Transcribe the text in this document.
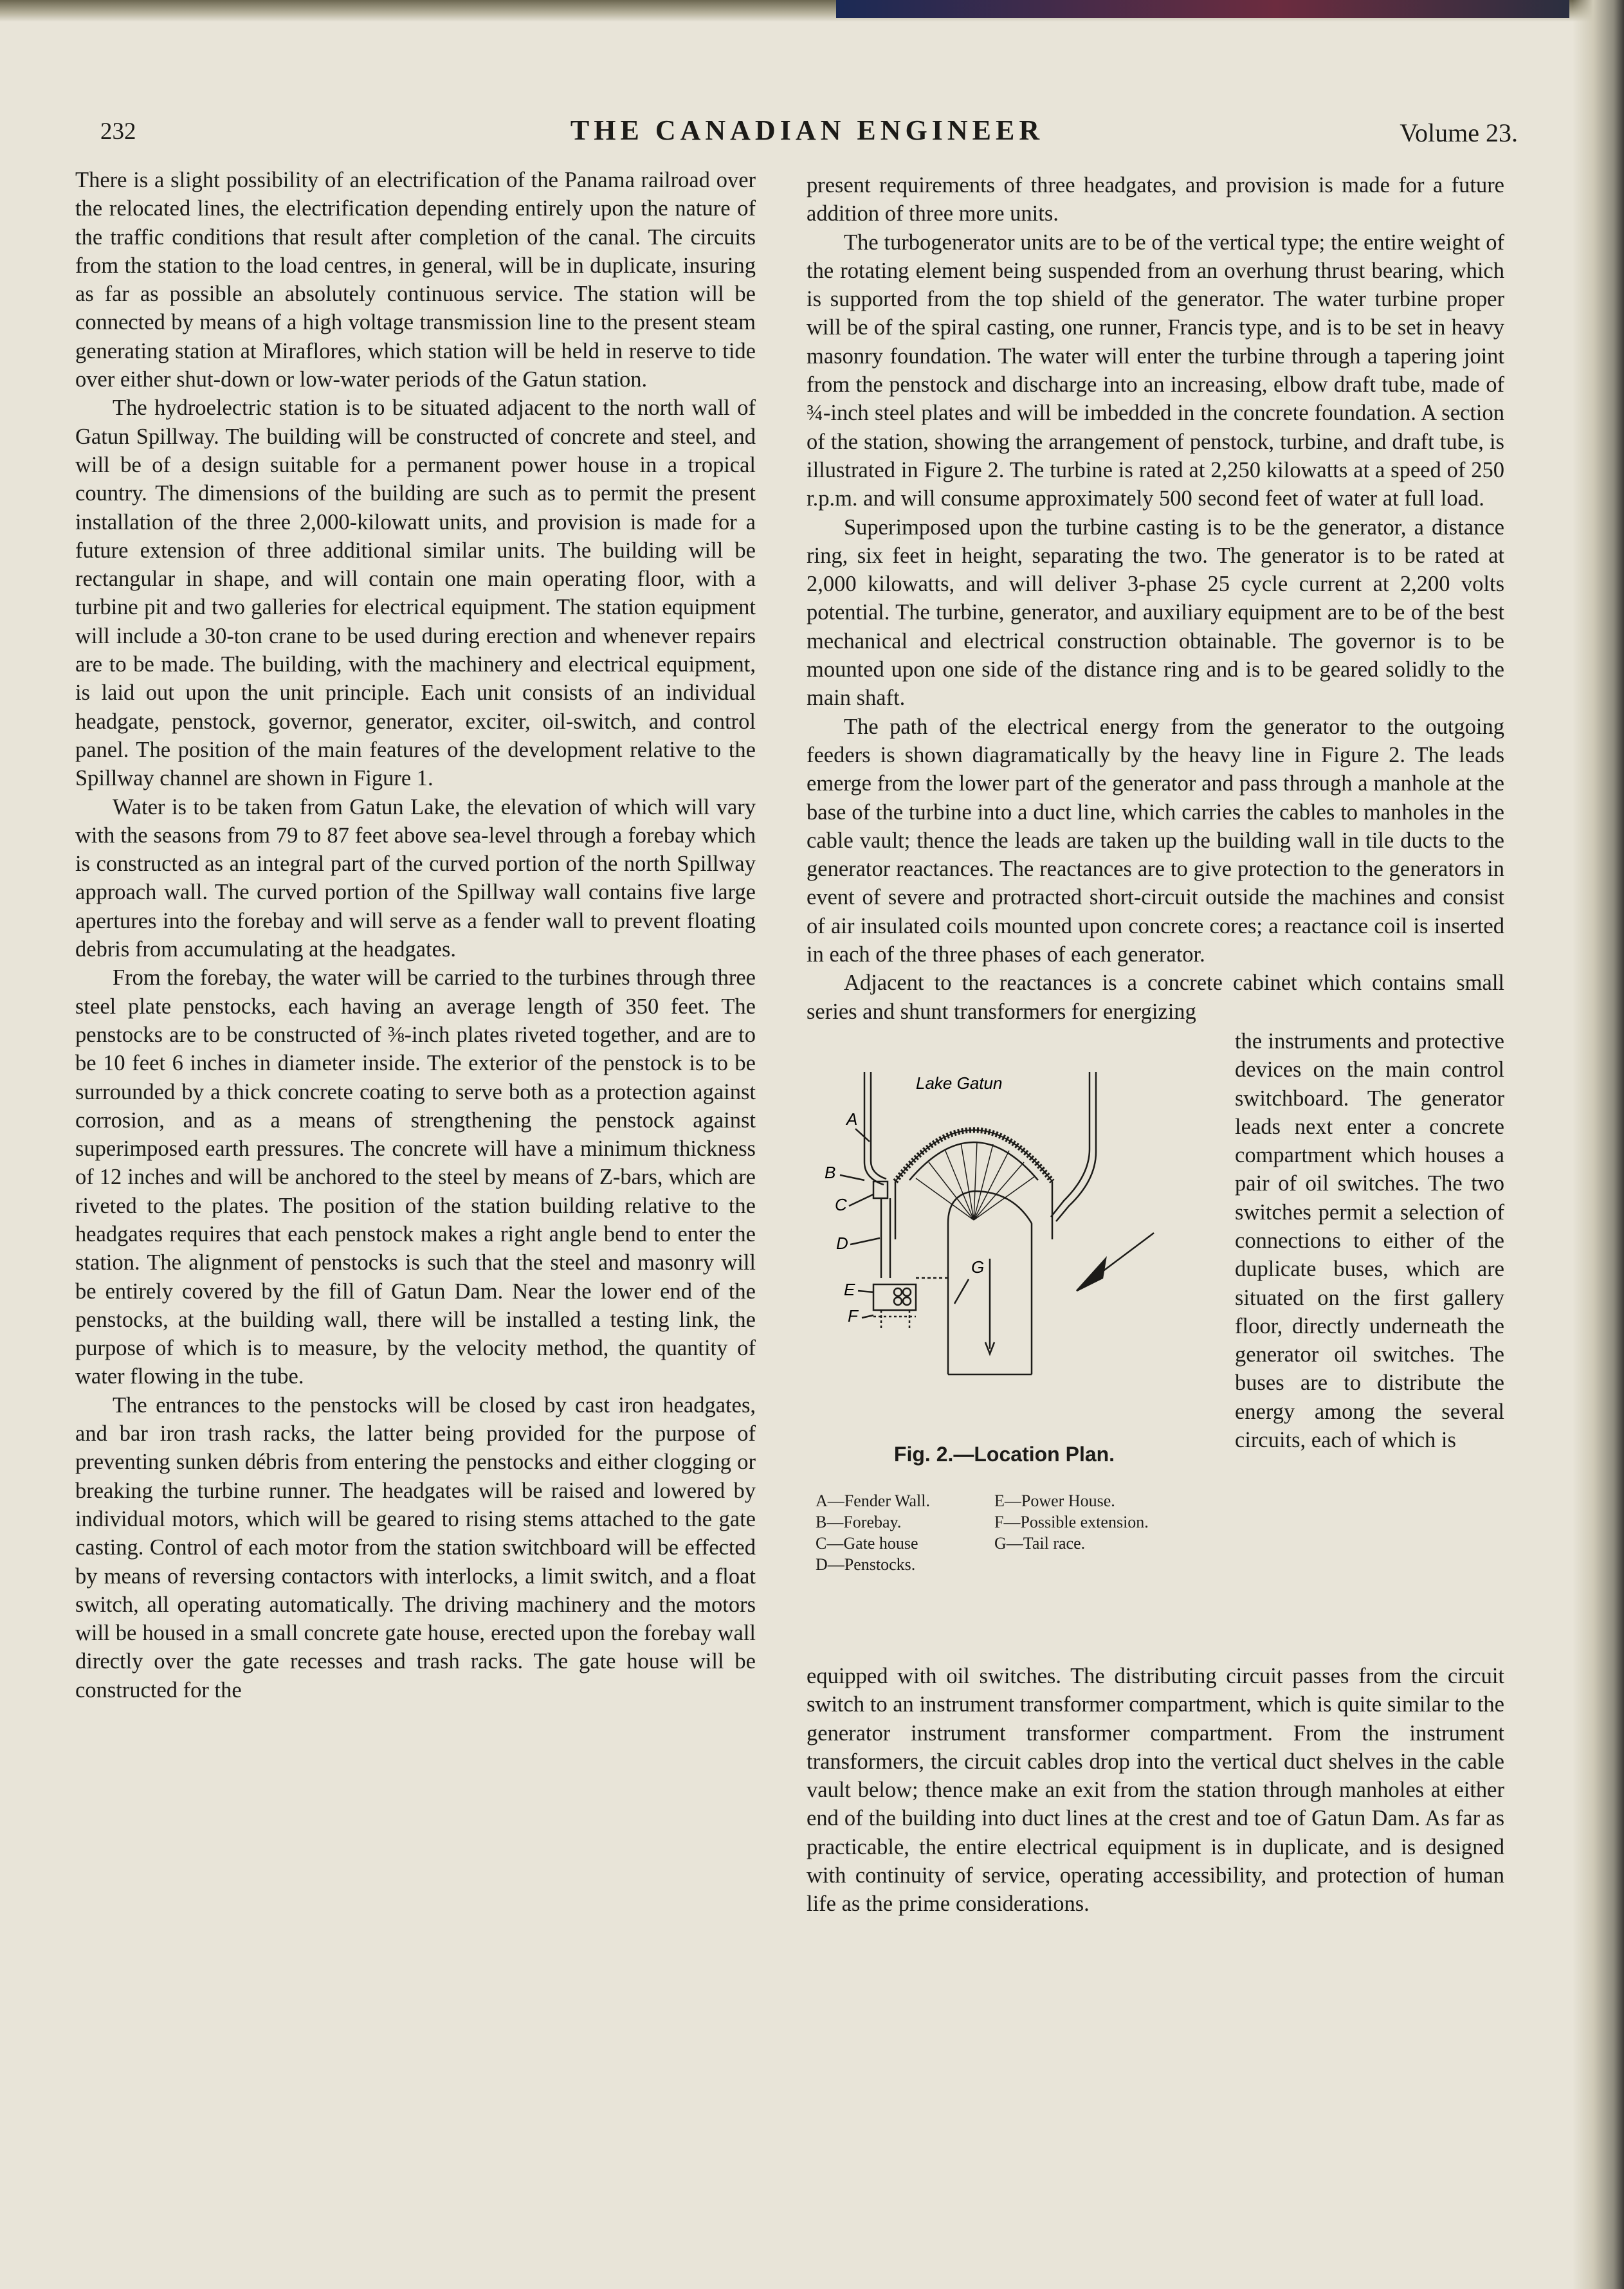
232	THE CANADIAN ENGINEER	Volume 23.

There is a slight possibility of an electrification of the Panama railroad over the relocated lines, the electrification depending entirely upon the nature of the traffic conditions that result after completion of the canal. The circuits from the station to the load centres, in general, will be in duplicate, insuring as far as possible an absolutely continuous service. The station will be connected by means of a high voltage transmission line to the present steam generating station at Miraflores, which station will be held in reserve to tide over either shut-down or low-water periods of the Gatun station.

The hydroelectric station is to be situated adjacent to the north wall of Gatun Spillway. The building will be constructed of concrete and steel, and will be of a design suitable for a permanent power house in a tropical country. The dimensions of the building are such as to permit the present installation of the three 2,000-kilowatt units, and provision is made for a future extension of three additional similar units. The building will be rectangular in shape, and will contain one main operating floor, with a turbine pit and two galleries for electrical equipment. The station equipment will include a 30-ton crane to be used during erection and whenever repairs are to be made. The building, with the machinery and electrical equipment, is laid out upon the unit principle. Each unit consists of an individual headgate, penstock, governor, generator, exciter, oil-switch, and control panel. The position of the main features of the development relative to the Spillway channel are shown in Figure 1.

Water is to be taken from Gatun Lake, the elevation of which will vary with the seasons from 79 to 87 feet above sea-level through a forebay which is constructed as an integral part of the curved portion of the north Spillway approach wall. The curved portion of the Spillway wall contains five large apertures into the forebay and will serve as a fender wall to prevent floating debris from accumulating at the headgates.

From the forebay, the water will be carried to the turbines through three steel plate penstocks, each having an average length of 350 feet. The penstocks are to be constructed of ⅜-inch plates riveted together, and are to be 10 feet 6 inches in diameter inside. The exterior of the penstock is to be surrounded by a thick concrete coating to serve both as a protection against corrosion, and as a means of strengthening the penstock against superimposed earth pressures. The concrete will have a minimum thickness of 12 inches and will be anchored to the steel by means of Z-bars, which are riveted to the plates. The position of the station building relative to the headgates requires that each penstock makes a right angle bend to enter the station. The alignment of penstocks is such that the steel and masonry will be entirely covered by the fill of Gatun Dam. Near the lower end of the penstocks, at the building wall, there will be installed a testing link, the purpose of which is to measure, by the velocity method, the quantity of water flowing in the tube.

The entrances to the penstocks will be closed by cast iron headgates, and bar iron trash racks, the latter being provided for the purpose of preventing sunken débris from entering the penstocks and either clogging or breaking the turbine runner. The headgates will be raised and lowered by individual motors, which will be geared to rising stems attached to the gate casting. Control of each motor from the station switchboard will be effected by means of reversing contactors with interlocks, a limit switch, and a float switch, all operating automatically. The driving machinery and the motors will be housed in a small concrete gate house, erected upon the forebay wall directly over the gate recesses and trash racks. The gate house will be constructed for the

present requirements of three headgates, and provision is made for a future addition of three more units.

The turbogenerator units are to be of the vertical type; the entire weight of the rotating element being suspended from an overhung thrust bearing, which is supported from the top shield of the generator. The water turbine proper will be of the spiral casting, one runner, Francis type, and is to be set in heavy masonry foundation. The water will enter the turbine through a tapering joint from the penstock and discharge into an increasing, elbow draft tube, made of ¾-inch steel plates and will be imbedded in the concrete foundation. A section of the station, showing the arrangement of penstock, turbine, and draft tube, is illustrated in Figure 2. The turbine is rated at 2,250 kilowatts at a speed of 250 r.p.m. and will consume approximately 500 second feet of water at full load.

Superimposed upon the turbine casting is to be the generator, a distance ring, six feet in height, separating the two. The generator is to be rated at 2,000 kilowatts, and will deliver 3-phase 25 cycle current at 2,200 volts potential. The turbine, generator, and auxiliary equipment are to be of the best mechanical and electrical construction obtainable. The governor is to be mounted upon one side of the distance ring and is to be geared solidly to the main shaft.

The path of the electrical energy from the generator to the outgoing feeders is shown diagramatically by the heavy line in Figure 2. The leads emerge from the lower part of the generator and pass through a manhole at the base of the turbine into a duct line, which carries the cables to manholes in the cable vault; thence the leads are taken up the building wall in tile ducts to the generator reactances. The reactances are to give protection to the generators in event of severe and protracted short-circuit outside the machines and consist of air insulated coils mounted upon concrete cores; a reactance coil is inserted in each of the three phases of each generator.

Adjacent to the reactances is a concrete cabinet which contains small series and shunt transformers for energizing

Lake Gatun
A
B
C
D
E
F
G
Fig. 2.—Location Plan.
A—Fender Wall.
B—Forebay.
C—Gate house
D—Penstocks.
E—Power House.
F—Possible extension.
G—Tail race.

the instruments and protective devices on the main control switchboard. The generator leads next enter a concrete compartment which houses a pair of oil switches. The two switches permit a selection of connections to either of the duplicate buses, which are situated on the first gallery floor, directly underneath the generator oil switches. The buses are to distribute the energy among the several circuits, each of which is

equipped with oil switches. The distributing circuit passes from the circuit switch to an instrument transformer compartment, which is quite similar to the generator instrument transformer compartment. From the instrument transformers, the circuit cables drop into the vertical duct shelves in the cable vault below; thence make an exit from the station through manholes at either end of the building into duct lines at the crest and toe of Gatun Dam. As far as practicable, the entire electrical equipment is in duplicate, and is designed with continuity of service, operating accessibility, and protection of human life as the prime considerations.
